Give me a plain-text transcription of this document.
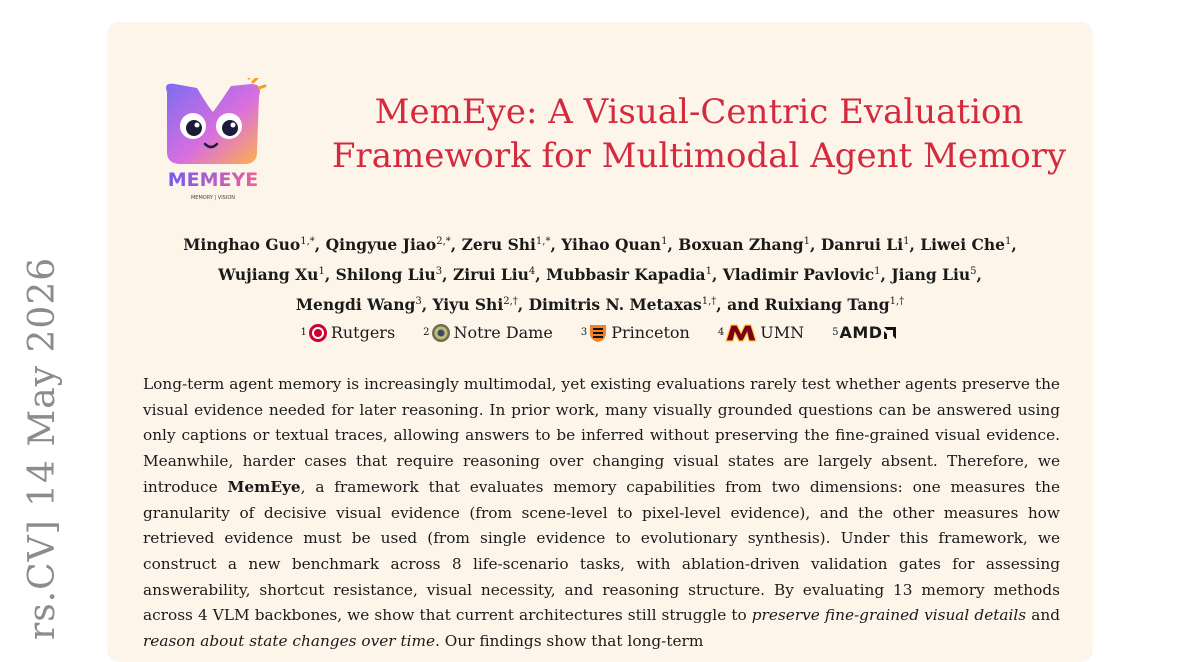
rs.CV] 14 May 2026
MEMEYE
MEMORY | VISION
MemEye: A Visual-Centric Evaluation
Framework for Multimodal Agent Memory
Minghao Guo$^{1,*}$, Qingyue Jiao$^{2,*}$, Zeru Shi$^{1,*}$, Yihao Quan$^1$, Boxuan Zhang$^1$, Danrui Li$^1$, Liwei Che$^1$,
Wujiang Xu$^1$, Shilong Liu$^3$, Zirui Liu$^4$, Mubbasir Kapadia$^1$, Vladimir Pavlovic$^1$, Jiang Liu$^5$,
Mengdi Wang$^3$, Yiyu Shi$^{2,\dagger}$, Dimitris N. Metaxas$^{1,\dagger}$, and Ruixiang Tang$^{1,\dagger}$
1 Rutgers	2 Notre Dame	3 Princeton	4 UMN	5 AMD

Long-term agent memory is increasingly multimodal, yet existing evaluations rarely test whether agents preserve the visual evidence needed for later reasoning. In prior work, many visually grounded questions can be answered using only captions or textual traces, allowing answers to be inferred without preserving the fine-grained visual evidence. Meanwhile, harder cases that require reasoning over changing visual states are largely absent. Therefore, we introduce MemEye, a framework that evaluates memory capabilities from two dimensions: one measures the granularity of decisive visual evidence (from scene-level to pixel-level evidence), and the other measures how retrieved evidence must be used (from single evidence to evolutionary synthesis). Under this framework, we construct a new benchmark across 8 life-scenario tasks, with ablation-driven validation gates for assessing answerability, shortcut resistance, visual necessity, and reasoning structure. By evaluating 13 memory methods across 4 VLM backbones, we show that current architectures still struggle to preserve fine-grained visual details and reason about state changes over time. Our findings show that long-term
